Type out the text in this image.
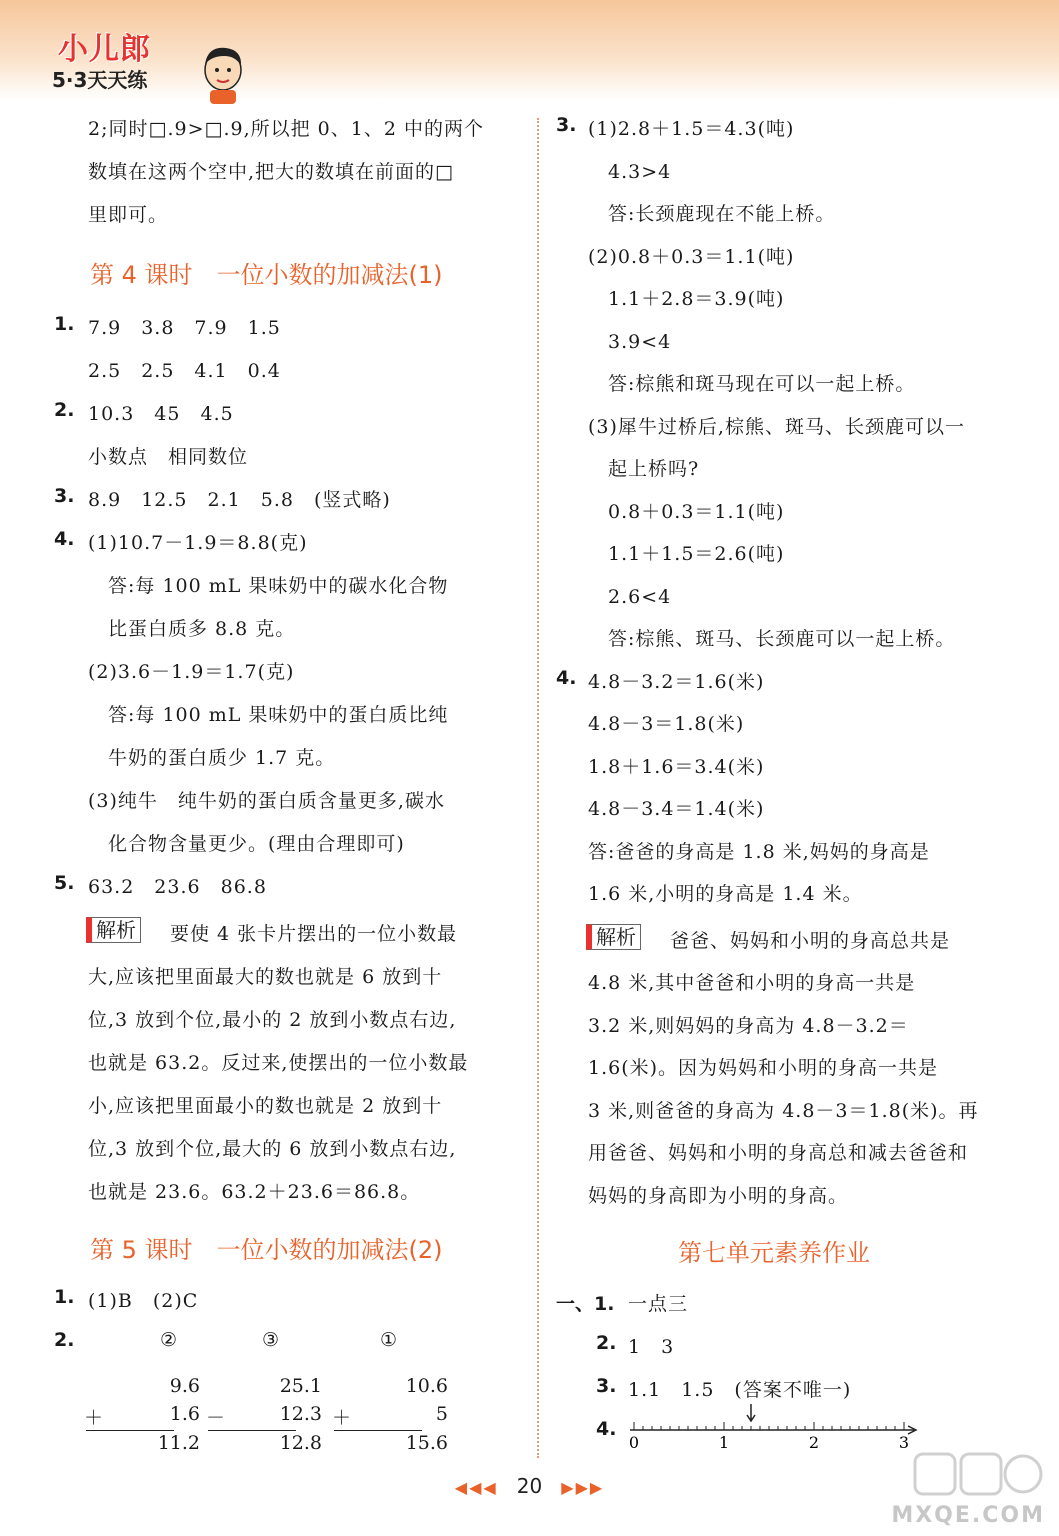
小儿郎
5·3天天练
2;同时□.9>□.9,所以把 0、1、2 中的两个
数填在这两个空中,把大的数填在前面的□
里即可。
第 4 课时　一位小数的加减法(1)
1. 7.9　3.8　7.9　1.5
2.5　2.5　4.1　0.4
2. 10.3　45　4.5
小数点　相同数位
3. 8.9　12.5　2.1　5.8　(竖式略)
4. (1)10.7－1.9＝8.8(克)
　答:每 100 mL 果味奶中的碳水化合物
　比蛋白质多 8.8 克。
(2)3.6－1.9＝1.7(克)
　答:每 100 mL 果味奶中的蛋白质比纯
　牛奶的蛋白质少 1.7 克。
(3)纯牛　纯牛奶的蛋白质含量更多,碳水
　化合物含量更少。(理由合理即可)
5. 63.2　23.6　86.8
解析 　要使 4 张卡片摆出的一位小数最
大,应该把里面最大的数也就是 6 放到十
位,3 放到个位,最小的 2 放到小数点右边,
也就是 63.2。反过来,使摆出的一位小数最
小,应该把里面最小的数也就是 2 放到十
位,3 放到个位,最大的 6 放到小数点右边,
也就是 23.6。63.2＋23.6＝86.8。
第 5 课时　一位小数的加减法(2)
1. (1)B　(2)C
2.	②	③	①
9.6
＋	1.6
11.2
25.1
－	12.3
12.8
10.6
＋	5
15.6
3. (1)2.8＋1.5＝4.3(吨)
　4.3>4
　答:长颈鹿现在不能上桥。
(2)0.8＋0.3＝1.1(吨)
　1.1＋2.8＝3.9(吨)
　3.9<4
　答:棕熊和斑马现在可以一起上桥。
(3)犀牛过桥后,棕熊、斑马、长颈鹿可以一
　起上桥吗?
　0.8＋0.3＝1.1(吨)
　1.1＋1.5＝2.6(吨)
　2.6<4
　答:棕熊、斑马、长颈鹿可以一起上桥。
4. 4.8－3.2＝1.6(米)
4.8－3＝1.8(米)
1.8＋1.6＝3.4(米)
4.8－3.4＝1.4(米)
答:爸爸的身高是 1.8 米,妈妈的身高是
1.6 米,小明的身高是 1.4 米。
解析 　爸爸、妈妈和小明的身高总共是
4.8 米,其中爸爸和小明的身高一共是
3.2 米,则妈妈的身高为 4.8－3.2＝
1.6(米)。因为妈妈和小明的身高一共是
3 米,则爸爸的身高为 4.8－3＝1.8(米)。再
用爸爸、妈妈和小明的身高总和减去爸爸和
妈妈的身高即为小明的身高。
第七单元素养作业
一、1. 一点三
2. 1　3
3. 1.1　1.5　(答案不唯一)
4.
0	1	2	3
◀◀◀ 20 ▶▶▶
MXQE.COM
